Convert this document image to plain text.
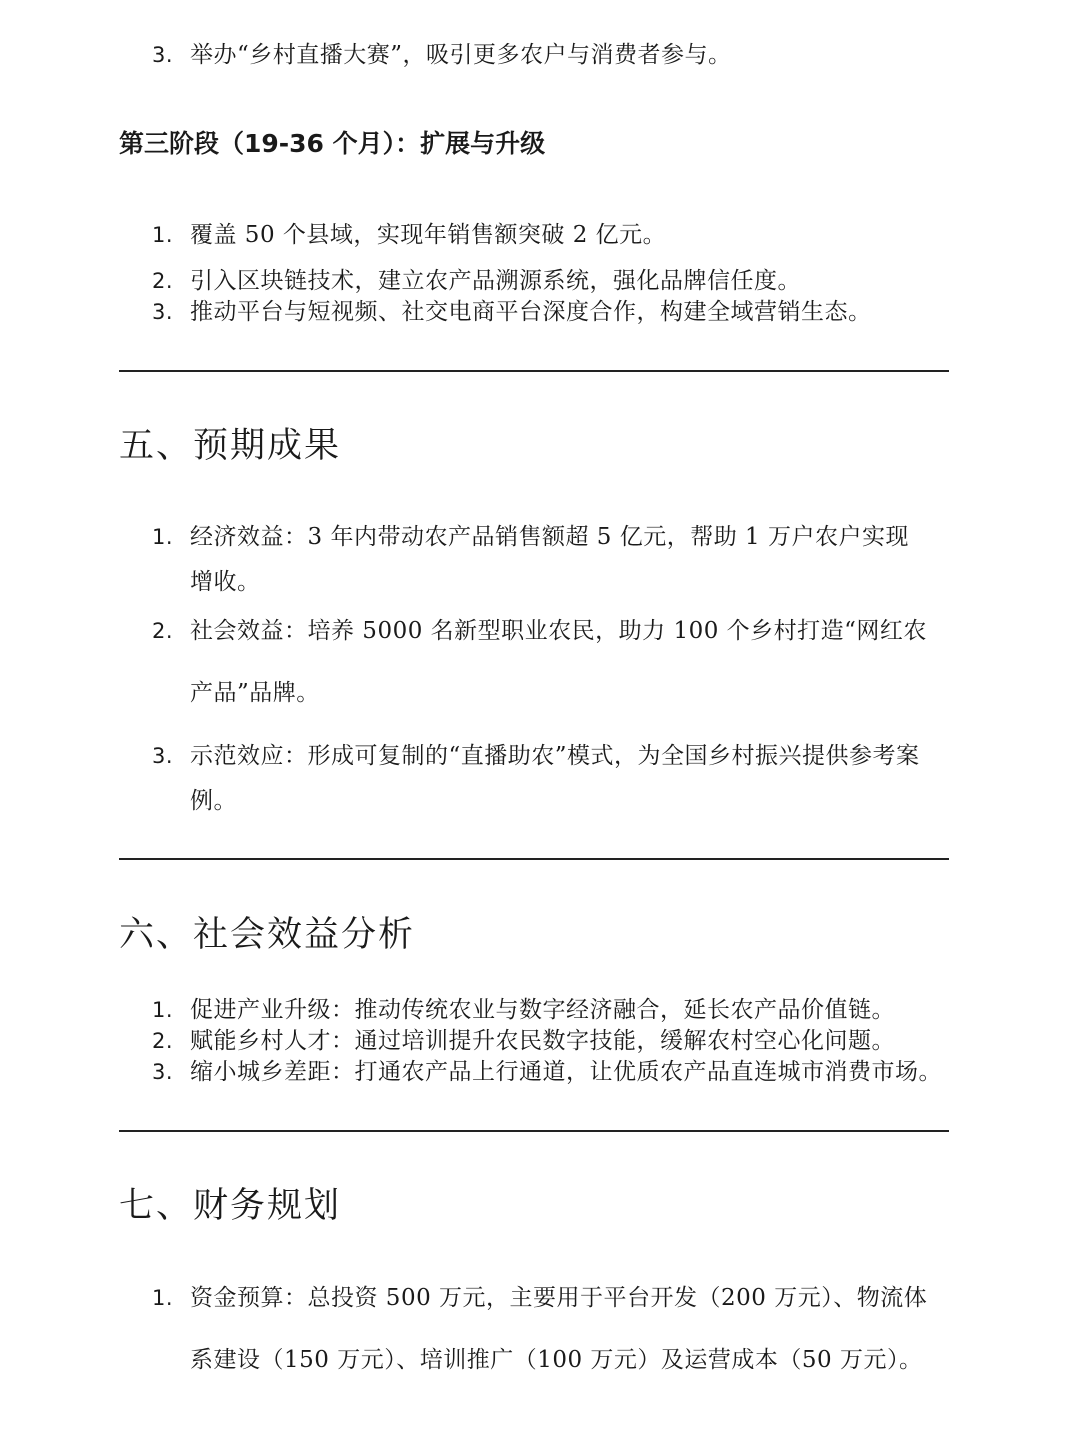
3. 举办“乡村直播大赛”，吸引更多农户与消费者参与。
第三阶段（19-36 个月）：扩展与升级
1. 覆盖 50 个县域，实现年销售额突破 2 亿元。
2. 引入区块链技术，建立农产品溯源系统，强化品牌信任度。
3. 推动平台与短视频、社交电商平台深度合作，构建全域营销生态。
五、预期成果
1. 经济效益：3 年内带动农产品销售额超 5 亿元，帮助 1 万户农户实现
增收。
2. 社会效益：培养 5000 名新型职业农民，助力 100 个乡村打造“网红农
产品”品牌。
3. 示范效应：形成可复制的“直播助农”模式，为全国乡村振兴提供参考案
例。
六、社会效益分析
1. 促进产业升级：推动传统农业与数字经济融合，延长农产品价值链。
2. 赋能乡村人才：通过培训提升农民数字技能，缓解农村空心化问题。
3. 缩小城乡差距：打通农产品上行通道，让优质农产品直连城市消费市场。
七、财务规划
1. 资金预算：总投资 500 万元，主要用于平台开发（200 万元）、物流体
系建设（150 万元）、培训推广（100 万元）及运营成本（50 万元）。
